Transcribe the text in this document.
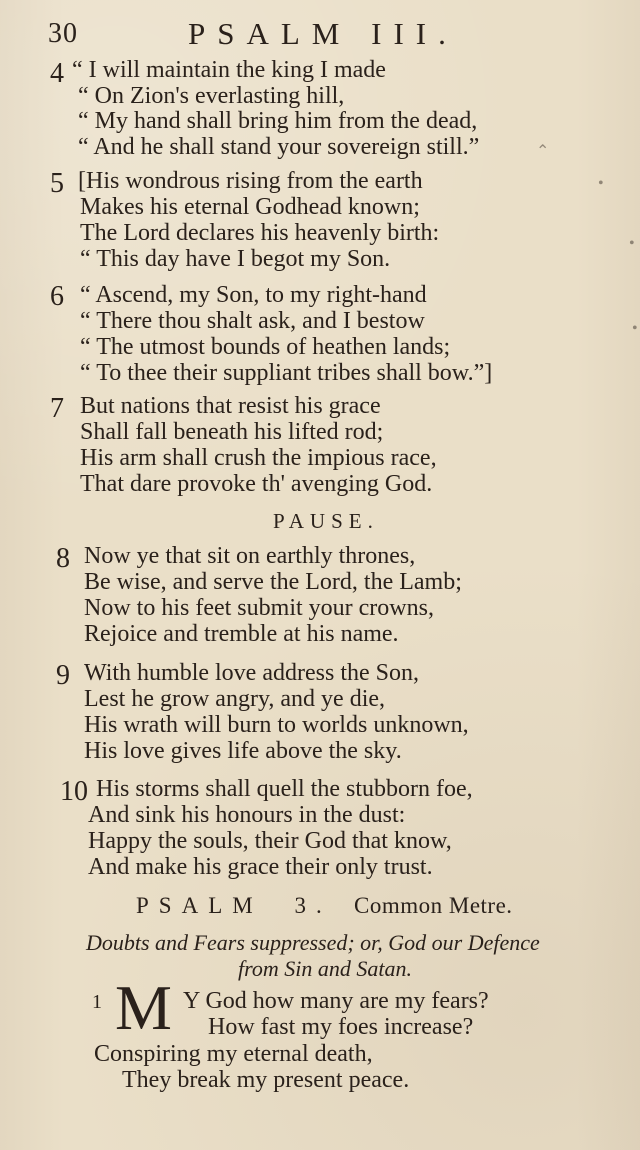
30	PSALM III.
4 “ I will maintain the king I made
“ On Zion's everlasting hill,
“ My hand shall bring him from the dead,
“ And he shall stand your sovereign still.”
5 [His wondrous rising from the earth
Makes his eternal Godhead known;
The Lord declares his heavenly birth:
“ This day have I begot my Son.
6 “ Ascend, my Son, to my right-hand
“ There thou shalt ask, and I bestow
“ The utmost bounds of heathen lands;
“ To thee their suppliant tribes shall bow.”]
7 But nations that resist his grace
Shall fall beneath his lifted rod;
His arm shall crush the impious race,
That dare provoke th' avenging God.
PAUSE.
8 Now ye that sit on earthly thrones,
Be wise, and serve the Lord, the Lamb;
Now to his feet submit your crowns,
Rejoice and tremble at his name.
9 With humble love address the Son,
Lest he grow angry, and ye die,
His wrath will burn to worlds unknown,
His love gives life above the sky.
10 His storms shall quell the stubborn foe,
And sink his honours in the dust:
Happy the souls, their God that know,
And make his grace their only trust.
PSALM 3. Common Metre.
Doubts and Fears suppressed; or, God our Defence
from Sin and Satan.
1 M Y God how many are my fears?
How fast my foes increase?
Conspiring my eternal death,
They break my present peace.
⌃
•
•
•
